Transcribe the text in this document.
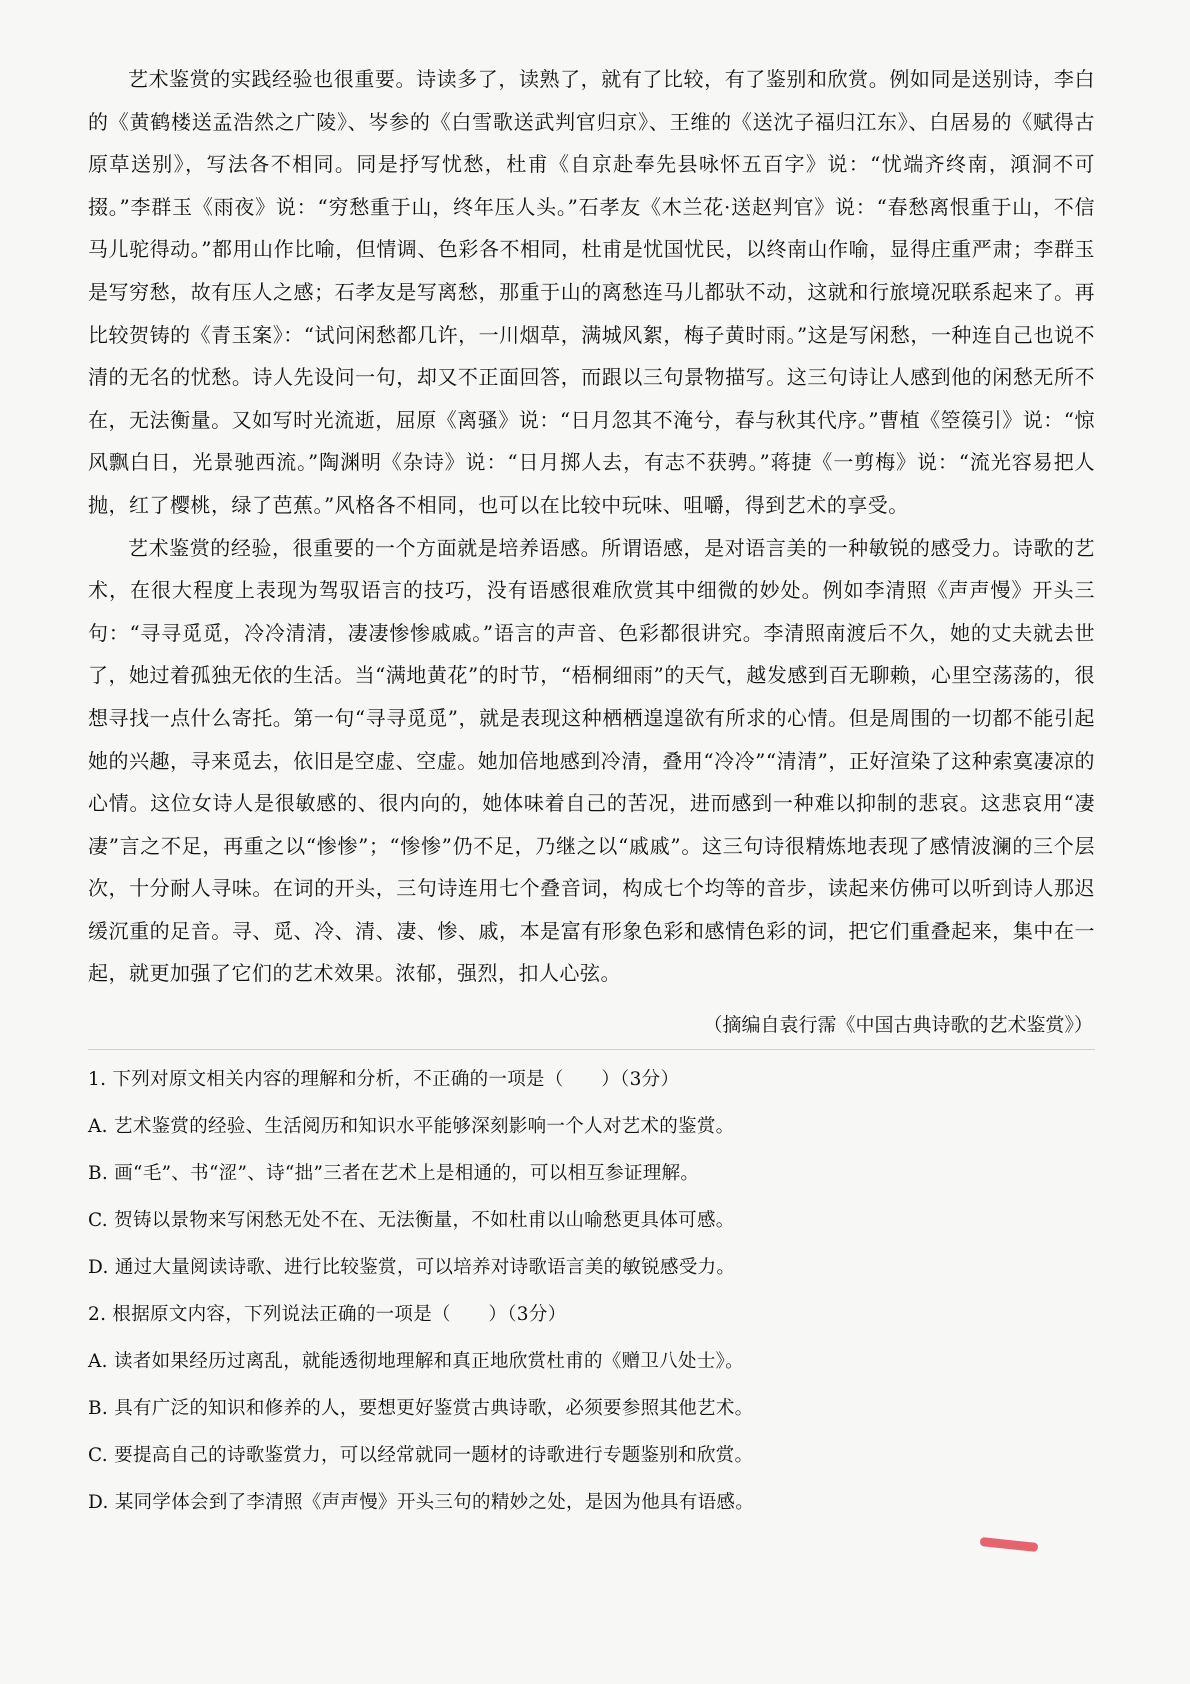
艺术鉴赏的实践经验也很重要。诗读多了，读熟了，就有了比较，有了鉴别和欣赏。例如同是送别诗，李白的《黄鹤楼送孟浩然之广陵》、岑参的《白雪歌送武判官归京》、王维的《送沈子福归江东》、白居易的《赋得古原草送别》，写法各不相同。同是抒写忧愁，杜甫《自京赴奉先县咏怀五百字》说：“忧端齐终南，澒洞不可掇。”李群玉《雨夜》说：“穷愁重于山，终年压人头。”石孝友《木兰花·送赵判官》说：“春愁离恨重于山，不信马儿驼得动。”都用山作比喻，但情调、色彩各不相同，杜甫是忧国忧民，以终南山作喻，显得庄重严肃；李群玉是写穷愁，故有压人之感；石孝友是写离愁，那重于山的离愁连马儿都驮不动，这就和行旅境况联系起来了。再比较贺铸的《青玉案》：“试问闲愁都几许，一川烟草，满城风絮，梅子黄时雨。”这是写闲愁，一种连自己也说不清的无名的忧愁。诗人先设问一句，却又不正面回答，而跟以三句景物描写。这三句诗让人感到他的闲愁无所不在，无法衡量。又如写时光流逝，屈原《离骚》说：“日月忽其不淹兮，春与秋其代序。”曹植《箜篌引》说：“惊风飘白日，光景驰西流。”陶渊明《杂诗》说：“日月掷人去，有志不获骋。”蒋捷《一剪梅》说：“流光容易把人抛，红了樱桃，绿了芭蕉。”风格各不相同，也可以在比较中玩味、咀嚼，得到艺术的享受。

艺术鉴赏的经验，很重要的一个方面就是培养语感。所谓语感，是对语言美的一种敏锐的感受力。诗歌的艺术，在很大程度上表现为驾驭语言的技巧，没有语感很难欣赏其中细微的妙处。例如李清照《声声慢》开头三句：“寻寻觅觅，冷冷清清，凄凄惨惨戚戚。”语言的声音、色彩都很讲究。李清照南渡后不久，她的丈夫就去世了，她过着孤独无依的生活。当“满地黄花”的时节，“梧桐细雨”的天气，越发感到百无聊赖，心里空荡荡的，很想寻找一点什么寄托。第一句“寻寻觅觅”，就是表现这种栖栖遑遑欲有所求的心情。但是周围的一切都不能引起她的兴趣，寻来觅去，依旧是空虚、空虚。她加倍地感到冷清，叠用“冷冷”“清清”，正好渲染了这种索寞凄凉的心情。这位女诗人是很敏感的、很内向的，她体味着自己的苦况，进而感到一种难以抑制的悲哀。这悲哀用“凄凄”言之不足，再重之以“惨惨”；“惨惨”仍不足，乃继之以“戚戚”。这三句诗很精炼地表现了感情波澜的三个层次，十分耐人寻味。在词的开头，三句诗连用七个叠音词，构成七个均等的音步，读起来仿佛可以听到诗人那迟缓沉重的足音。寻、觅、冷、清、凄、惨、戚，本是富有形象色彩和感情色彩的词，把它们重叠起来，集中在一起，就更加强了它们的艺术效果。浓郁，强烈，扣人心弦。

（摘编自袁行霈《中国古典诗歌的艺术鉴赏》）

1. 下列对原文相关内容的理解和分析，不正确的一项是（　　）（3分）

A. 艺术鉴赏的经验、生活阅历和知识水平能够深刻影响一个人对艺术的鉴赏。

B. 画“毛”、书“涩”、诗“拙”三者在艺术上是相通的，可以相互参证理解。

C. 贺铸以景物来写闲愁无处不在、无法衡量，不如杜甫以山喻愁更具体可感。

D. 通过大量阅读诗歌、进行比较鉴赏，可以培养对诗歌语言美的敏锐感受力。

2. 根据原文内容，下列说法正确的一项是（　　）（3分）

A. 读者如果经历过离乱，就能透彻地理解和真正地欣赏杜甫的《赠卫八处士》。

B. 具有广泛的知识和修养的人，要想更好鉴赏古典诗歌，必须要参照其他艺术。

C. 要提高自己的诗歌鉴赏力，可以经常就同一题材的诗歌进行专题鉴别和欣赏。

D. 某同学体会到了李清照《声声慢》开头三句的精妙之处，是因为他具有语感。
